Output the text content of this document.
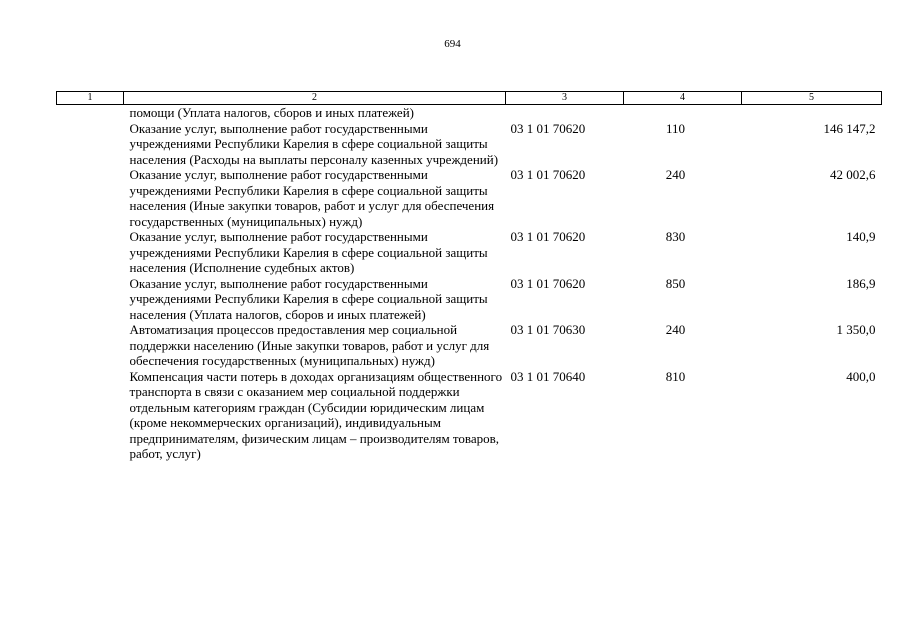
694
1	2	3	4	5
	помощи (Уплата налогов, сборов и иных платежей)			
	Оказание услуг, выполнение работ государственными учреждениями Республики Карелия в сфере социальной защиты населения (Расходы на выплаты персоналу казенных учреждений)	03 1 01 70620	110	146 147,2
	Оказание услуг, выполнение работ государственными учреждениями Республики Карелия в сфере социальной защиты населения (Иные закупки товаров, работ и услуг для обеспечения государственных (муниципальных) нужд)	03 1 01 70620	240	42 002,6
	Оказание услуг, выполнение работ государственными учреждениями Республики Карелия в сфере социальной защиты населения (Исполнение судебных актов)	03 1 01 70620	830	140,9
	Оказание услуг, выполнение работ государственными учреждениями Республики Карелия в сфере социальной защиты населения (Уплата налогов, сборов и иных платежей)	03 1 01 70620	850	186,9
	Автоматизация процессов предоставления мер социальной поддержки населению (Иные закупки товаров, работ и услуг для обеспечения государственных (муниципальных) нужд)	03 1 01 70630	240	1 350,0
	Компенсация части потерь в доходах организациям общественного транспорта в связи с оказанием мер социальной поддержки отдельным категориям граждан (Субсидии юридическим лицам (кроме некоммерческих организаций), индивидуальным предпринимателям, физическим лицам – производителям товаров, работ, услуг)	03 1 01 70640	810	400,0
